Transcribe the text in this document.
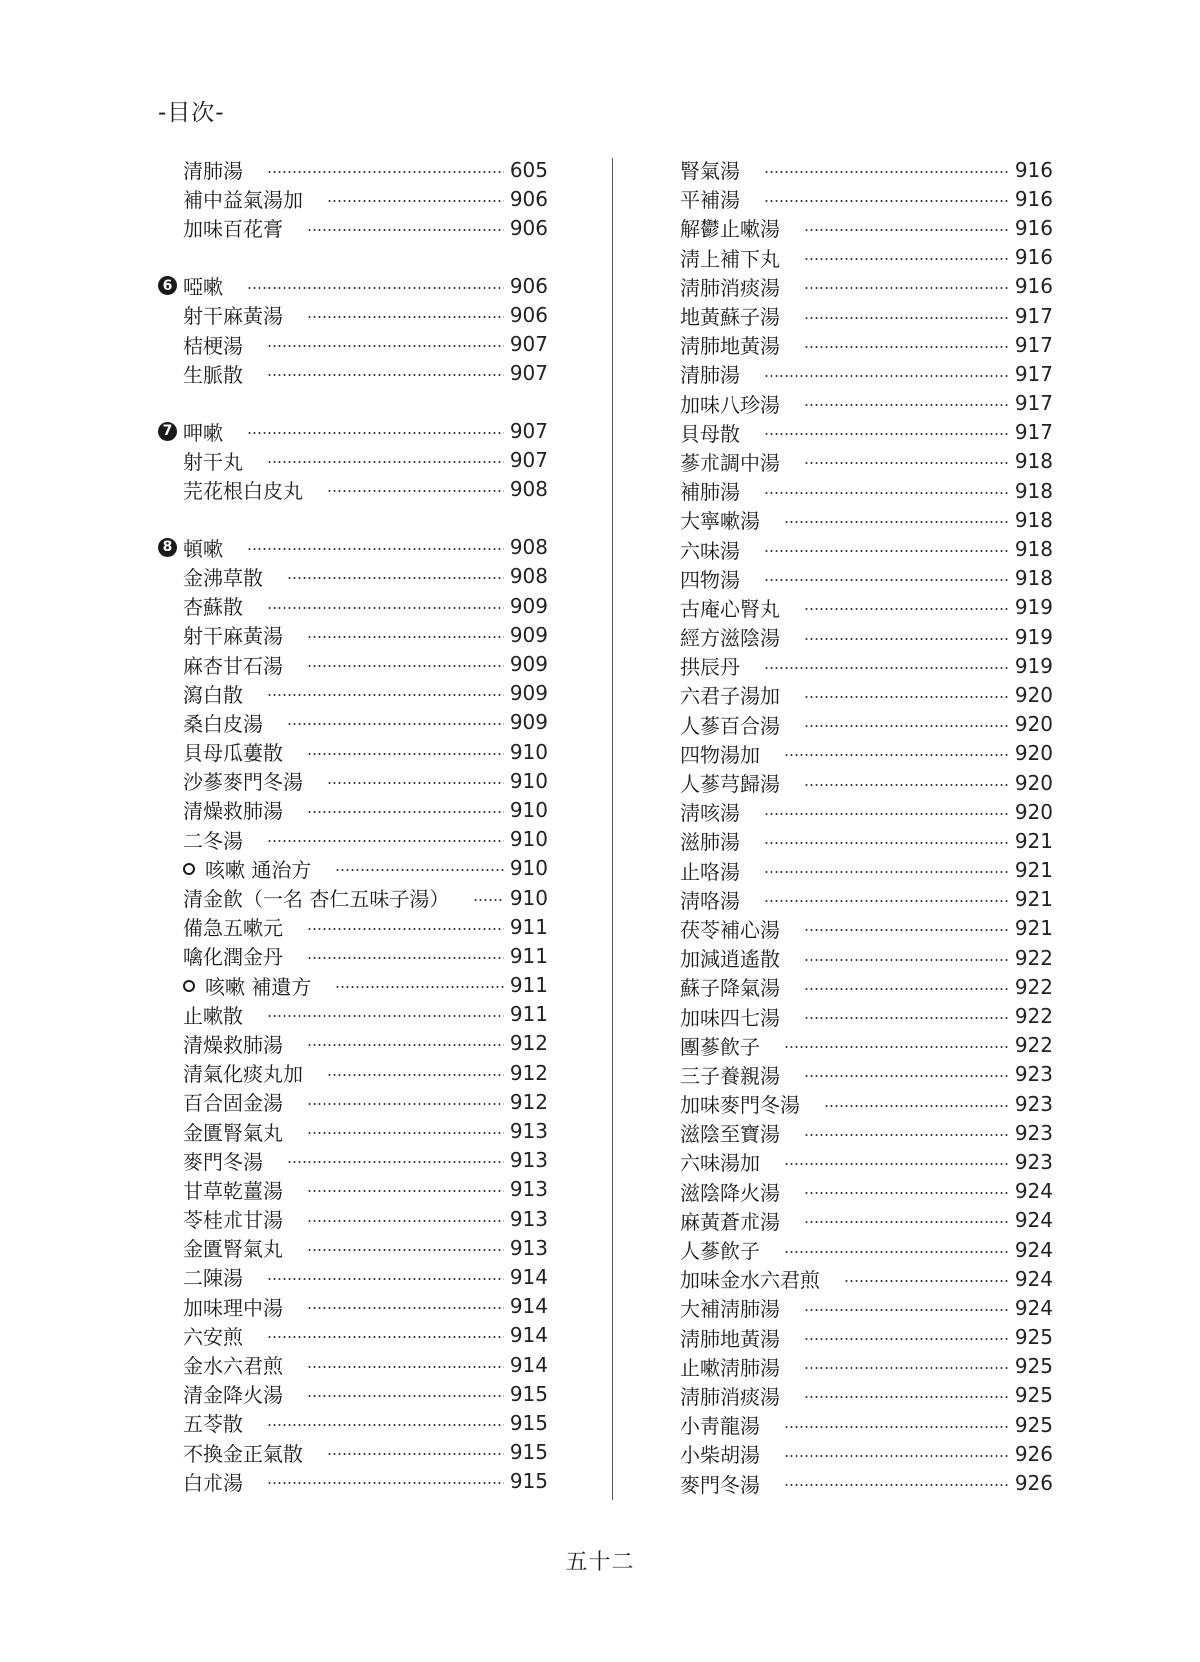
-目次-
清肺湯	605
補中益氣湯加	906
加味百花膏	906
6 啞嗽	906
射干麻黃湯	906
桔梗湯	907
生脈散	907
7 呷嗽	907
射干丸	907
芫花根白皮丸	908
8 頓嗽	908
金沸草散	908
杏蘇散	909
射干麻黃湯	909
麻杏甘石湯	909
瀉白散	909
桑白皮湯	909
貝母瓜蔞散	910
沙蔘麥門冬湯	910
清燥救肺湯	910
二冬湯	910
咳嗽 通治方	910
清金飮（一名 杏仁五味子湯）	910
備急五嗽元	911
噙化潤金丹	911
咳嗽 補遺方	911
止嗽散	911
清燥救肺湯	912
清氣化痰丸加	912
百合固金湯	912
金匱腎氣丸	913
麥門冬湯	913
甘草乾薑湯	913
苓桂朮甘湯	913
金匱腎氣丸	913
二陳湯	914
加味理中湯	914
六安煎	914
金水六君煎	914
清金降火湯	915
五苓散	915
不換金正氣散	915
白朮湯	915
腎氣湯	916
平補湯	916
解鬱止嗽湯	916
淸上補下丸	916
淸肺消痰湯	916
地黃蘇子湯	917
淸肺地黃湯	917
清肺湯	917
加味八珍湯	917
貝母散	917
蔘朮調中湯	918
補肺湯	918
大寧嗽湯	918
六味湯	918
四物湯	918
古庵心腎丸	919
經方滋陰湯	919
拱辰丹	919
六君子湯加	920
人蔘百合湯	920
四物湯加	920
人蔘芎歸湯	920
淸咳湯	920
滋肺湯	921
止咯湯	921
淸咯湯	921
茯苓補心湯	921
加減逍遙散	922
蘇子降氣湯	922
加味四七湯	922
團蔘飮子	922
三子養親湯	923
加味麥門冬湯	923
滋陰至寶湯	923
六味湯加	923
滋陰降火湯	924
麻黃蒼朮湯	924
人蔘飮子	924
加味金水六君煎	924
大補淸肺湯	924
淸肺地黃湯	925
止嗽淸肺湯	925
淸肺消痰湯	925
小靑龍湯	925
小柴胡湯	926
麥門冬湯	926
五十二
